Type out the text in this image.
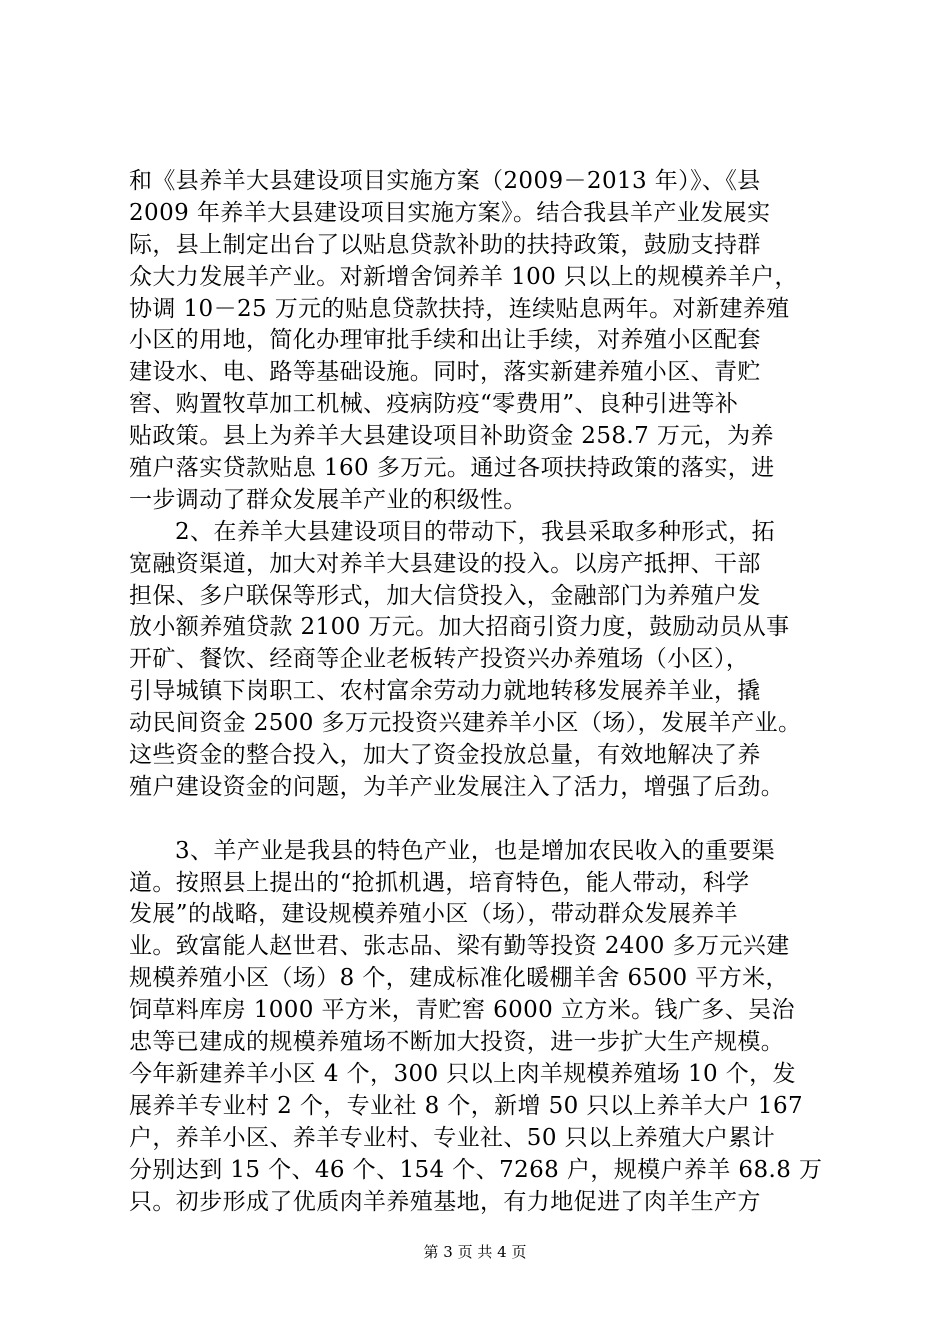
和《县养羊大县建设项目实施方案（2009－2013 年）》、《县
2009 年养羊大县建设项目实施方案》。结合我县羊产业发展实
际，县上制定出台了以贴息贷款补助的扶持政策，鼓励支持群
众大力发展羊产业。对新增舍饲养羊 100 只以上的规模养羊户，
协调 10－25 万元的贴息贷款扶持，连续贴息两年。对新建养殖
小区的用地，简化办理审批手续和出让手续，对养殖小区配套
建设水、电、路等基础设施。同时，落实新建养殖小区、青贮
窖、购置牧草加工机械、疫病防疫“零费用”、良种引进等补
贴政策。县上为养羊大县建设项目补助资金 258.7 万元，为养
殖户落实贷款贴息 160 多万元。通过各项扶持政策的落实，进
一步调动了群众发展羊产业的积级性。
2、在养羊大县建设项目的带动下，我县采取多种形式，拓
宽融资渠道，加大对养羊大县建设的投入。以房产抵押、干部
担保、多户联保等形式，加大信贷投入，金融部门为养殖户发
放小额养殖贷款 2100 万元。加大招商引资力度，鼓励动员从事
开矿、餐饮、经商等企业老板转产投资兴办养殖场（小区），
引导城镇下岗职工、农村富余劳动力就地转移发展养羊业，撬
动民间资金 2500 多万元投资兴建养羊小区（场），发展羊产业。
这些资金的整合投入，加大了资金投放总量，有效地解决了养
殖户建设资金的问题，为羊产业发展注入了活力，增强了后劲。
3、羊产业是我县的特色产业，也是增加农民收入的重要渠
道。按照县上提出的“抢抓机遇，培育特色，能人带动，科学
发展”的战略，建设规模养殖小区（场），带动群众发展养羊
业。致富能人赵世君、张志品、梁有勤等投资 2400 多万元兴建
规模养殖小区（场）8 个，建成标准化暖棚羊舍 6500 平方米，
饲草料库房 1000 平方米，青贮窖 6000 立方米。钱广多、吴治
忠等已建成的规模养殖场不断加大投资，进一步扩大生产规模。
今年新建养羊小区 4 个，300 只以上肉羊规模养殖场 10 个，发
展养羊专业村 2 个，专业社 8 个，新增 50 只以上养羊大户 167
户，养羊小区、养羊专业村、专业社、50 只以上养殖大户累计
分别达到 15 个、46 个、154 个、7268 户，规模户养羊 68.8 万
只。初步形成了优质肉羊养殖基地，有力地促进了肉羊生产方
第 3 页 共 4 页
